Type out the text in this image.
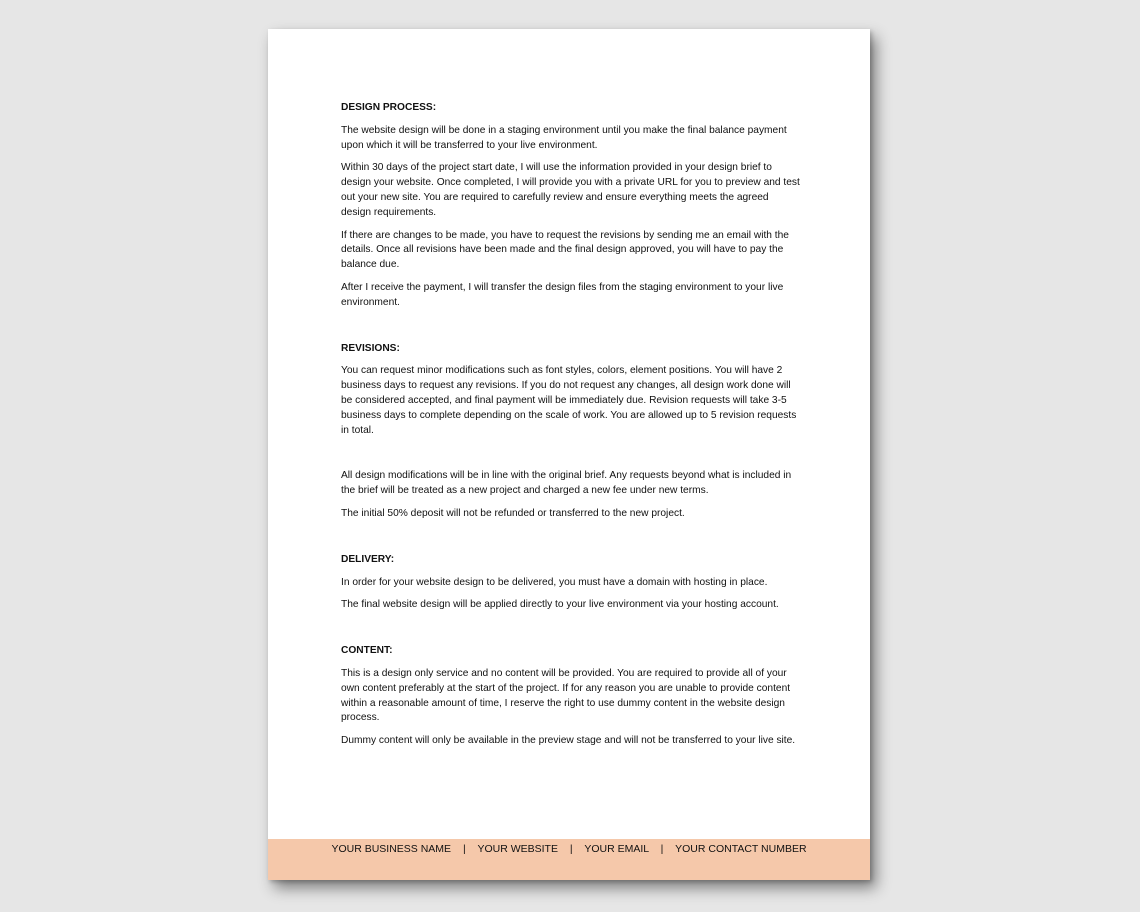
DESIGN PROCESS:

The website design will be done in a staging environment until you make the final balance payment upon which it will be transferred to your live environment.

Within 30 days of the project start date, I will use the information provided in your design brief to design your website. Once completed, I will provide you with a private URL for you to preview and test out your new site. You are required to carefully review and ensure everything meets the agreed design requirements.

If there are changes to be made, you have to request the revisions by sending me an email with the details. Once all revisions have been made and the final design approved, you will have to pay the balance due.

After I receive the payment, I will transfer the design files from the staging environment to your live environment.

REVISIONS:

You can request minor modifications such as font styles, colors, element positions. You will have 2 business days to request any revisions. If you do not request any changes, all design work done will be considered accepted, and final payment will be immediately due. Revision requests will take 3-5 business days to complete depending on the scale of work. You are allowed up to 5 revision requests in total.

All design modifications will be in line with the original brief. Any requests beyond what is included in the brief will be treated as a new project and charged a new fee under new terms.

The initial 50% deposit will not be refunded or transferred to the new project.

DELIVERY:

In order for your website design to be delivered, you must have a domain with hosting in place.

The final website design will be applied directly to your live environment via your hosting account.

CONTENT:

This is a design only service and no content will be provided. You are required to provide all of your own content preferably at the start of the project. If for any reason you are unable to provide content within a reasonable amount of time, I reserve the right to use dummy content in the website design process.

Dummy content will only be available in the preview stage and will not be transferred to your live site.

YOUR BUSINESS NAME | YOUR WEBSITE | YOUR EMAIL | YOUR CONTACT NUMBER
